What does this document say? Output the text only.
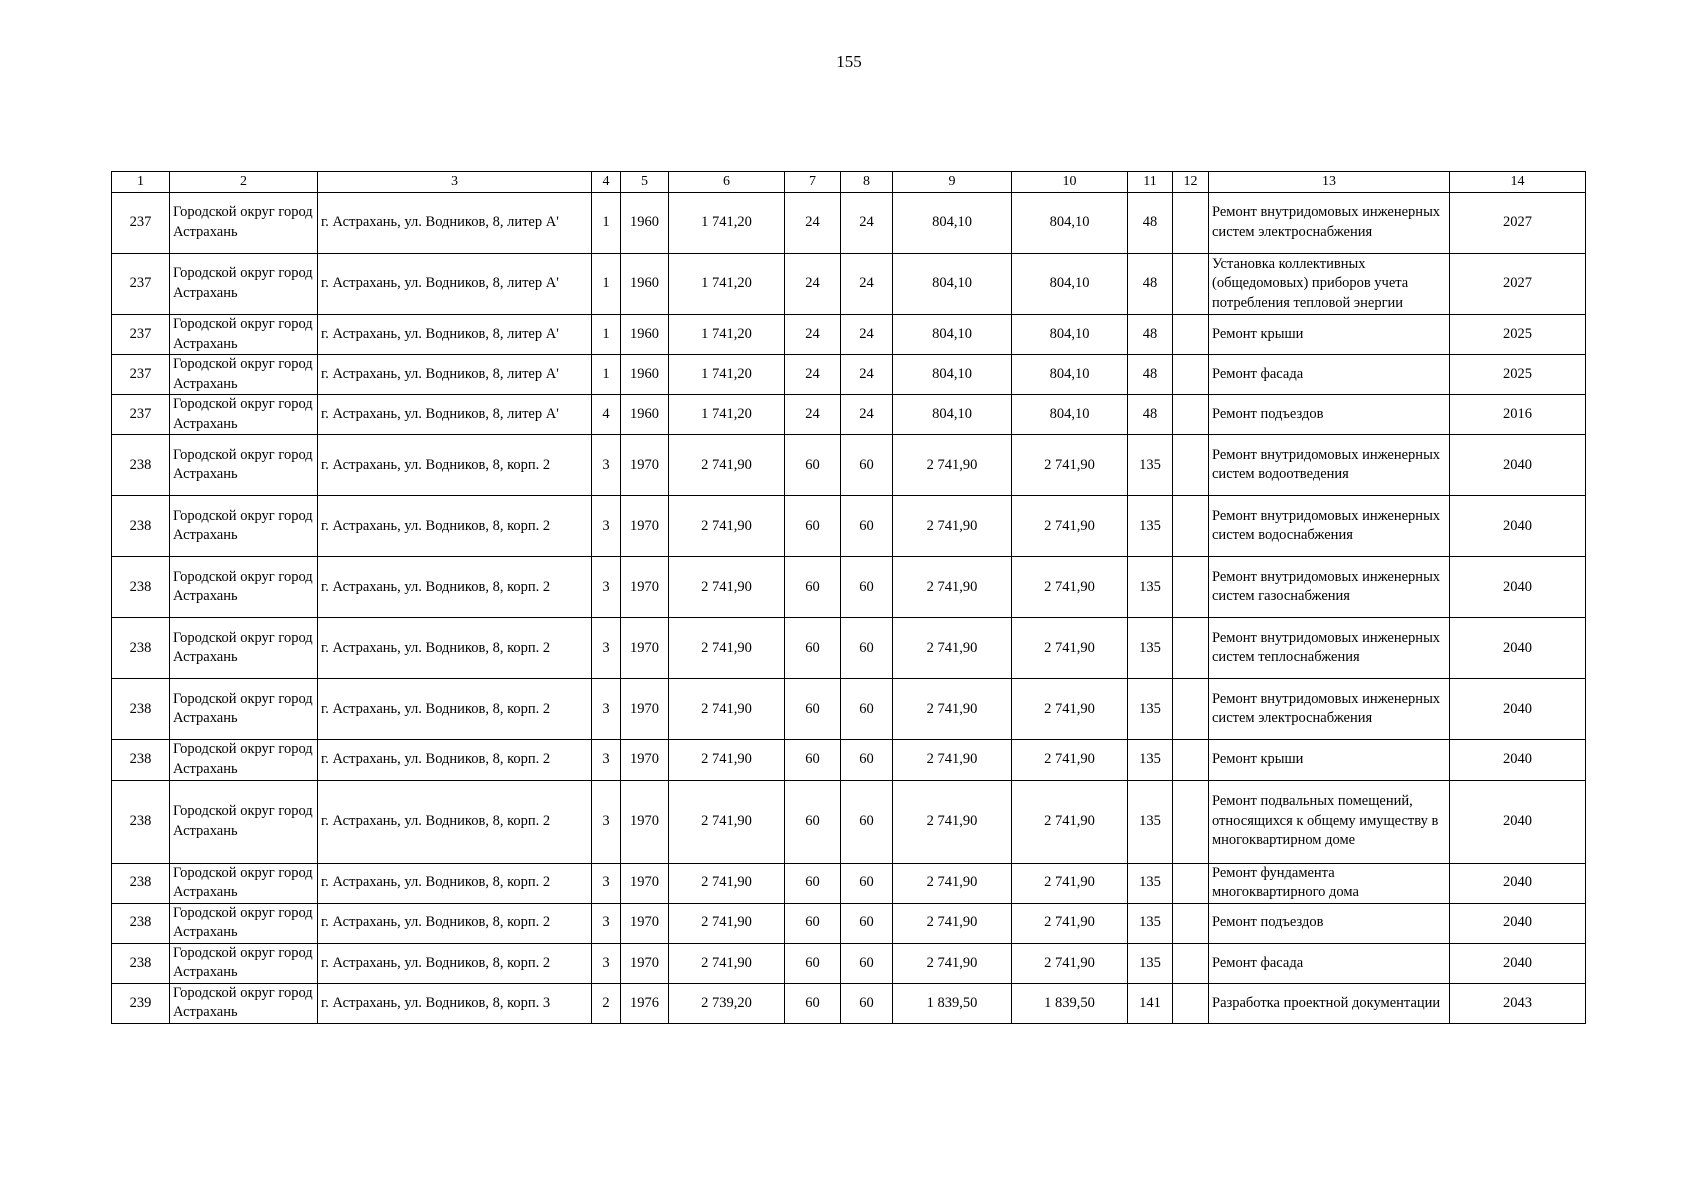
155
1	2	3	4	5	6	7	8	9	10	11	12	13	14
237	Городской округ город Астрахань	г. Астрахань, ул. Водников, 8, литер А'	1	1960	1 741,20	24	24	804,10	804,10	48		Ремонт внутридомовых инженерных систем электроснабжения	2027
237	Городской округ город Астрахань	г. Астрахань, ул. Водников, 8, литер А'	1	1960	1 741,20	24	24	804,10	804,10	48		Установка коллективных (общедомовых) приборов учета потребления тепловой энергии	2027
237	Городской округ город Астрахань	г. Астрахань, ул. Водников, 8, литер А'	1	1960	1 741,20	24	24	804,10	804,10	48		Ремонт крыши	2025
237	Городской округ город Астрахань	г. Астрахань, ул. Водников, 8, литер А'	1	1960	1 741,20	24	24	804,10	804,10	48		Ремонт фасада	2025
237	Городской округ город Астрахань	г. Астрахань, ул. Водников, 8, литер А'	4	1960	1 741,20	24	24	804,10	804,10	48		Ремонт подъездов	2016
238	Городской округ город Астрахань	г. Астрахань, ул. Водников, 8, корп. 2	3	1970	2 741,90	60	60	2 741,90	2 741,90	135		Ремонт внутридомовых инженерных систем водоотведения	2040
238	Городской округ город Астрахань	г. Астрахань, ул. Водников, 8, корп. 2	3	1970	2 741,90	60	60	2 741,90	2 741,90	135		Ремонт внутридомовых инженерных систем водоснабжения	2040
238	Городской округ город Астрахань	г. Астрахань, ул. Водников, 8, корп. 2	3	1970	2 741,90	60	60	2 741,90	2 741,90	135		Ремонт внутридомовых инженерных систем газоснабжения	2040
238	Городской округ город Астрахань	г. Астрахань, ул. Водников, 8, корп. 2	3	1970	2 741,90	60	60	2 741,90	2 741,90	135		Ремонт внутридомовых инженерных систем теплоснабжения	2040
238	Городской округ город Астрахань	г. Астрахань, ул. Водников, 8, корп. 2	3	1970	2 741,90	60	60	2 741,90	2 741,90	135		Ремонт внутридомовых инженерных систем электроснабжения	2040
238	Городской округ город Астрахань	г. Астрахань, ул. Водников, 8, корп. 2	3	1970	2 741,90	60	60	2 741,90	2 741,90	135		Ремонт крыши	2040
238	Городской округ город Астрахань	г. Астрахань, ул. Водников, 8, корп. 2	3	1970	2 741,90	60	60	2 741,90	2 741,90	135		Ремонт подвальных помещений, относящихся к общему имуществу в многоквартирном доме	2040
238	Городской округ город Астрахань	г. Астрахань, ул. Водников, 8, корп. 2	3	1970	2 741,90	60	60	2 741,90	2 741,90	135		Ремонт фундамента многоквартирного дома	2040
238	Городской округ город Астрахань	г. Астрахань, ул. Водников, 8, корп. 2	3	1970	2 741,90	60	60	2 741,90	2 741,90	135		Ремонт подъездов	2040
238	Городской округ город Астрахань	г. Астрахань, ул. Водников, 8, корп. 2	3	1970	2 741,90	60	60	2 741,90	2 741,90	135		Ремонт фасада	2040
239	Городской округ город Астрахань	г. Астрахань, ул. Водников, 8, корп. 3	2	1976	2 739,20	60	60	1 839,50	1 839,50	141		Разработка проектной документации	2043
